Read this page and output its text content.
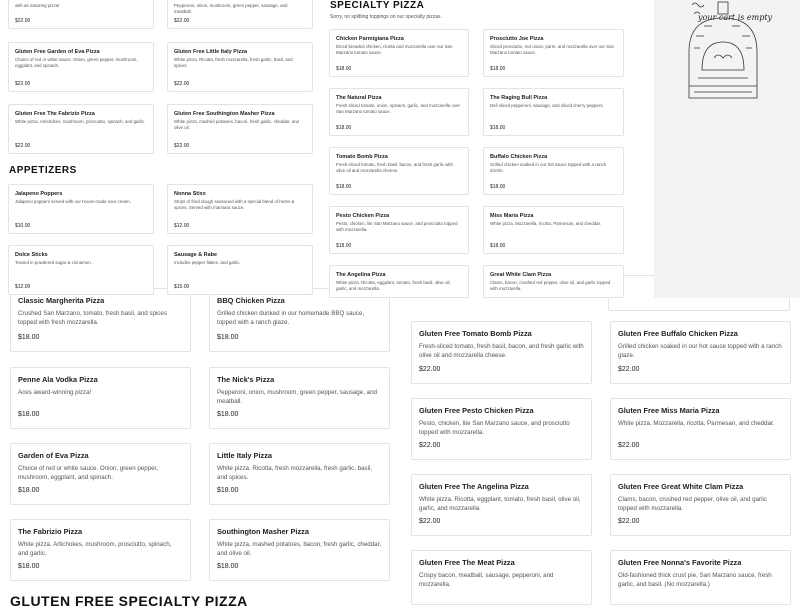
Classic Margherita Pizza
Crushed San Marzano, tomato, fresh basil, and spices topped with fresh mozzarella.
$18.00
BBQ Chicken Pizza
Grilled chicken dunked in our homemade BBQ sauce, topped with a ranch glaze.
$18.00
Penne Ala Vodka Pizza
Aces award-winning pizza!
$18.00
The Nick's Pizza
Pepperoni, onion, mushroom, green pepper, sausage, and meatball.
$18.00
Garden of Eva Pizza
Choice of red or white sauce. Onion, green pepper, mushroom, eggplant, and spinach.
$18.00
Little Italy Pizza
White pizza. Ricotta, fresh mozzarella, fresh garlic, basil, and spices.
$18.00
The Fabrizio Pizza
White pizza. Artichokes, mushroom, prosciutto, spinach, and garlic.
$18.00
Southington Masher Pizza
White pizza, mashed potatoes, bacon, fresh garlic, cheddar, and olive oil.
$18.00
GLUTEN FREE SPECIALTY PIZZA
Gluten Free Tomato Bomb Pizza
Fresh-sliced tomato, fresh basil, bacon, and fresh garlic with olive oil and mozzarella cheese.
$22.00
Gluten Free Buffalo Chicken Pizza
Grilled chicken soaked in our hot sauce topped with a ranch glaze.
$22.00
Gluten Free Pesto Chicken Pizza
Pesto, chicken, lite San Marzano sauce, and prosciutto topped with mozzarella.
$22.00
Gluten Free Miss Maria Pizza
White pizza. Mozzarella, ricotta, Parmesan, and cheddar.
$22.00
Gluten Free The Angelina Pizza
White pizza. Ricotta, eggplant, tomato, fresh basil, olive oil, garlic, and mozzarella.
$22.00
Gluten Free Great White Clam Pizza
Clams, bacon, crushed red pepper, olive oil, and garlic topped with mozzarella.
$22.00
Gluten Free The Meat Pizza
Crispy bacon, meatball, sausage, pepperoni, and mozzarella.
Gluten Free Nonna's Favorite Pizza
Old-fashioned thick crust pie, San Marzano sauce, fresh garlic, and basil. (No mozzarella.)
with an amazing pizza!
$22.00
Pepperoni, onion, mushroom, green pepper, sausage, and meatball.
$22.00
Gluten Free Garden of Eva Pizza
Choice of red or white sauce. Onion, green pepper, mushroom, eggplant, and spinach.
$22.00
Gluten Free Little Italy Pizza
White pizza. Ricotta, fresh mozzarella, fresh garlic, basil, and spices.
$22.00
Gluten Free The Fabrizio Pizza
White pizza. Artichokes, mushroom, prosciutto, spinach, and garlic.
$22.00
Gluten Free Southington Masher Pizza
White pizza, mashed potatoes, bacon, fresh garlic, cheddar, and olive oil.
$22.00
APPETIZERS
Jalapeno Poppers
Jalapeno poppers served with our house-made sour cream.
$10.00
Nonna Stixx
Strips of fried dough seasoned with a special blend of herbs & spices. Served with marinara sauce.
$12.00
Dolce Sticks
Tossed in powdered sugar & cinnamon.
$12.00
Sausage & Rabe
Includes pepper flakes, and garlic.
$15.00
SPECIALTY PIZZA
Sorry, no splitting toppings on our specialty pizzas.
Chicken Parmigiana Pizza
Diced breaded chicken, ricotta and mozzarella over our San Marzano tomato sauce.
$18.00
Prosciutto Joe Pizza
Sliced prosciutto, red onion, parm, and mozzarella over our San Marzano tomato sauce.
$18.00
The Natural Pizza
Fresh sliced tomato, onion, spinach, garlic, and mozzarella over San Marzano tomato sauce.
$18.00
The Raging Bull Pizza
Deli sliced pepperoni, sausage, and sliced cherry peppers.
$18.00
Tomato Bomb Pizza
Fresh-sliced tomato, fresh basil, bacon, and fresh garlic with olive oil and mozzarella cheese.
$18.00
Buffalo Chicken Pizza
Grilled chicken soaked in our hot sauce topped with a ranch drizzle.
$18.00
Pesto Chicken Pizza
Pesto, chicken, lite San Marzano sauce, and prosciutto topped with mozzarella.
$18.00
Miss Maria Pizza
White pizza. Mozzarella, ricotta, Parmesan, and cheddar.
$18.00
The Angelina Pizza
White pizza. Ricotta, eggplant, tomato, fresh basil, olive oil, garlic, and mozzarella.
Great White Clam Pizza
Clams, bacon, crushed red pepper, olive oil, and garlic topped with mozzarella.
your cart is empty
